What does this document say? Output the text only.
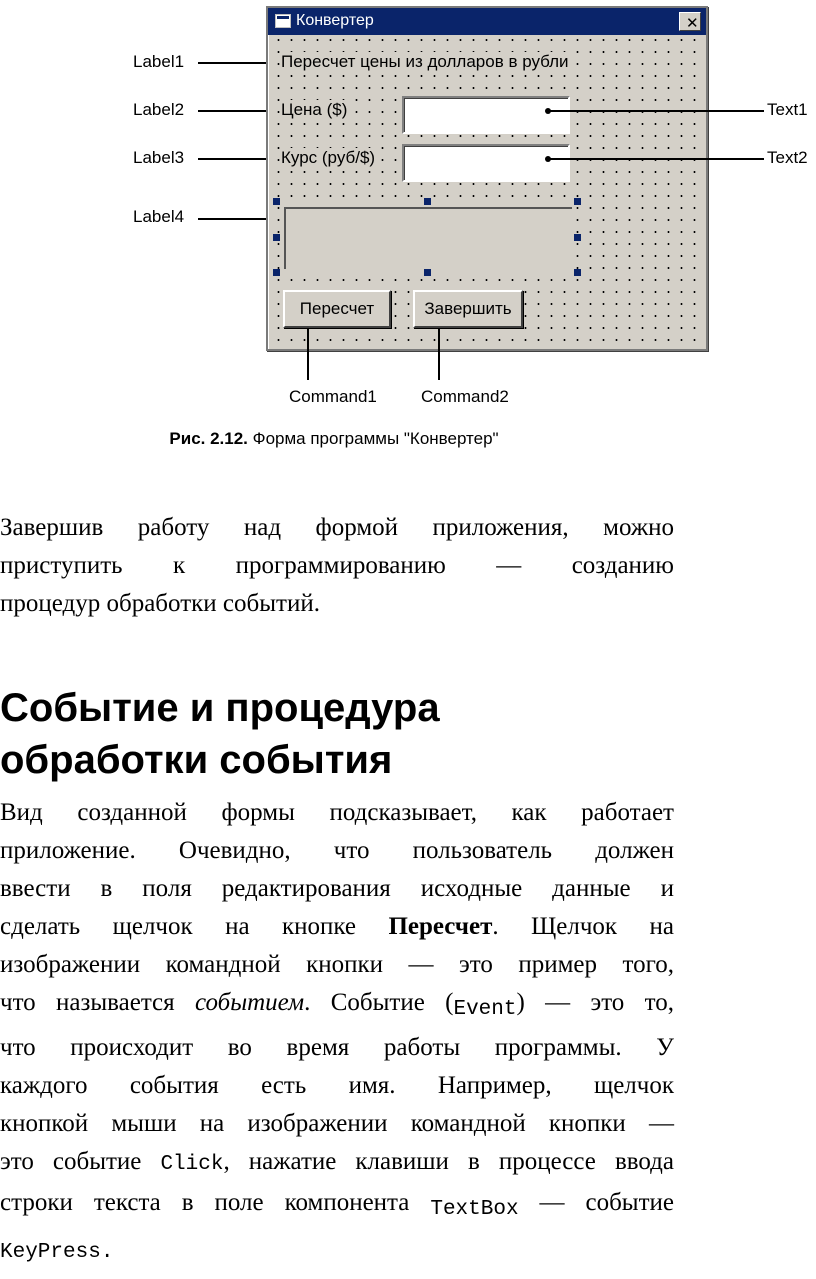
Label1
Label2
Label3
Label4
Конвертер	✕
Пересчет цены из долларов в рубли
Цена ($)
Курс (руб/$)
Пересчет	Завершить
Text1
Text2
Command1	Command2
Рис. 2.12. Форма программы "Конвертер"
Завершив работу над формой приложения, можно
приступить к программированию — созданию
процедур обработки событий.
Событие и процедура
обработки события
Вид созданной формы подсказывает, как работает
приложение. Очевидно, что пользователь должен
ввести в поля редактирования исходные данные и
сделать щелчок на кнопке Пересчет. Щелчок на
изображении командной кнопки — это пример того,
что называется событием. Событие (Event) — это то,
что происходит во время работы программы. У
каждого события есть имя. Например, щелчок
кнопкой мыши на изображении командной кнопки —
это событие Click, нажатие клавиши в процессе ввода
строки текста в поле компонента TextBox — событие
KeyPress.
